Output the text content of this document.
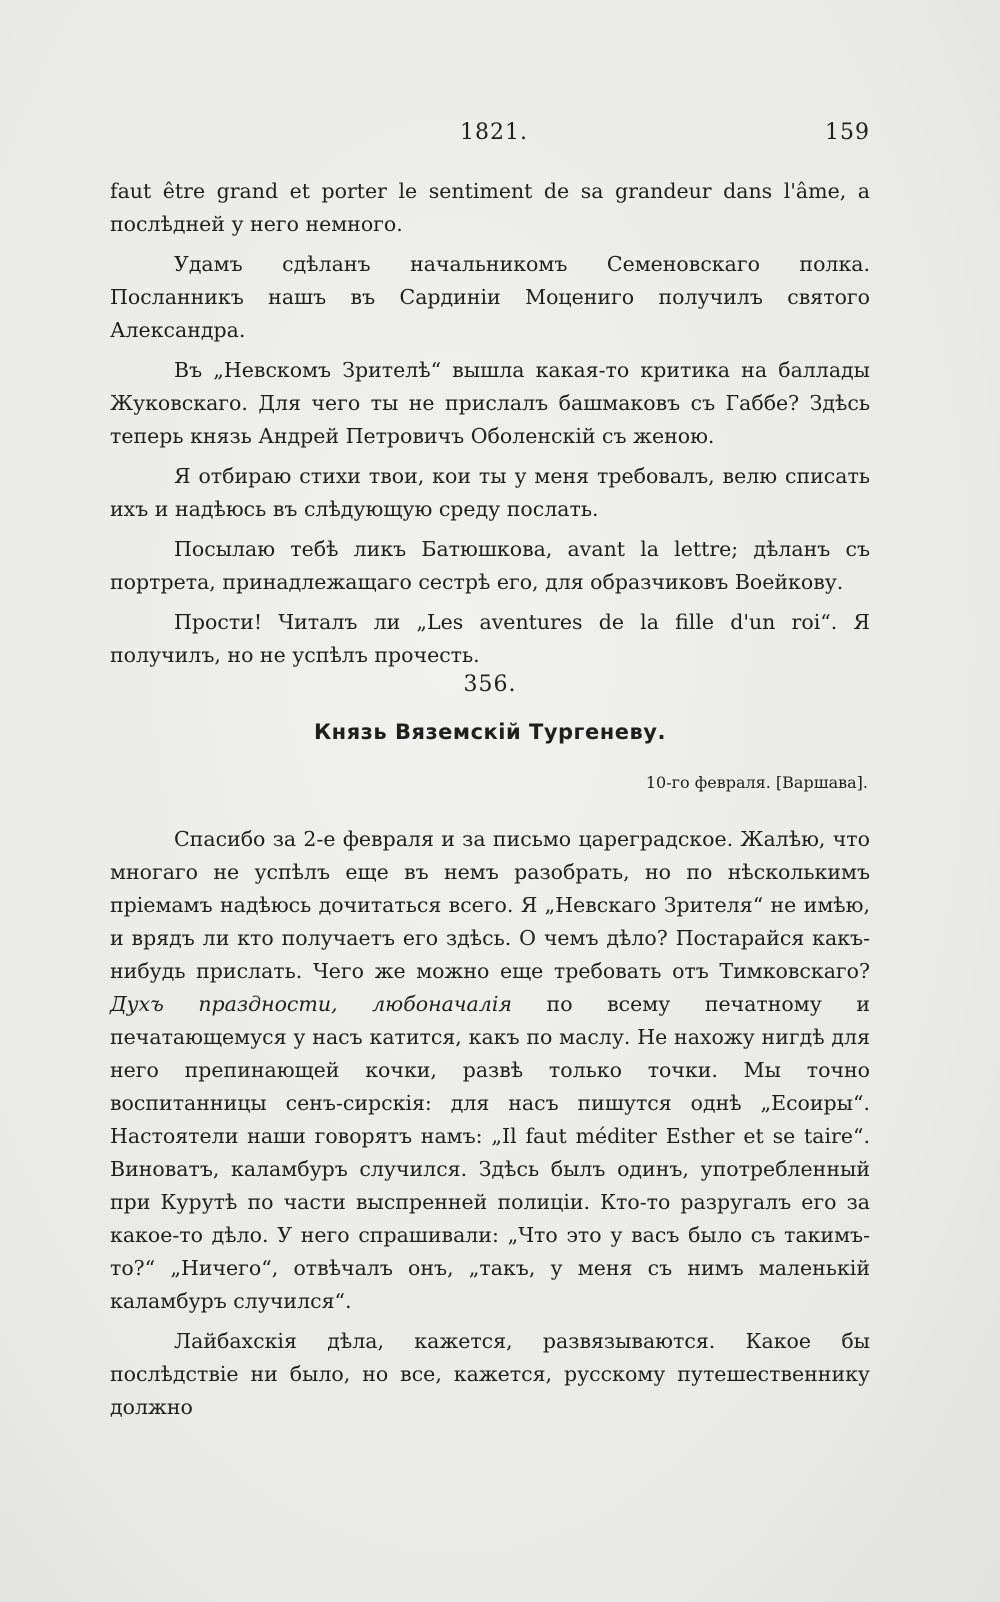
1821.	159

faut être grand et porter le sentiment de sa grandeur dans l'âme, а послѣдней у него немного.

Удамъ сдѣланъ начальникомъ Семеновскаго полка. Посланникъ нашъ въ Сардиніи Моцениго получилъ святого Александра.

Въ „Невскомъ Зрителѣ“ вышла какая-то критика на баллады Жуковскаго. Для чего ты не прислалъ башмаковъ съ Габбе? Здѣсь теперь князь Андрей Петровичъ Оболенскій съ женою.

Я отбираю стихи твои, кои ты у меня требовалъ, велю списать ихъ и надѣюсь въ слѣдующую среду послать.

Посылаю тебѣ ликъ Батюшкова, avant la lettre; дѣланъ съ портрета, принадлежащаго сестрѣ его, для образчиковъ Воейкову.

Прости! Читалъ ли „Les aventures de la fille d'un roi“. Я получилъ, но не успѣлъ прочесть.

356.
Князь Вяземскій Тургеневу.
10-го февраля. [Варшава].

Спасибо за 2-е февраля и за письмо цареградское. Жалѣю, что многаго не успѣлъ еще въ немъ разобрать, но по нѣсколькимъ пріемамъ надѣюсь дочитаться всего. Я „Невскаго Зрителя“ не имѣю, и врядъ ли кто получаетъ его здѣсь. О чемъ дѣло? Постарайся какъ-нибудь прислать. Чего же можно еще требовать отъ Тимковскаго? Духъ праздности, любоначалія по всему печатному и печатающемуся у насъ катится, какъ по маслу. Не нахожу нигдѣ для него препинающей кочки, развѣ только точки. Мы точно воспитанницы сенъ-сирскія: для насъ пишутся однѣ „Есоиры“. Настоятели наши говорятъ намъ: „Il faut méditer Esther et se taire“. Виноватъ, каламбуръ случился. Здѣсь былъ одинъ, употребленный при Курутѣ по части выспренней полиціи. Кто-то разругалъ его за какое-то дѣло. У него спрашивали: „Что это у васъ было съ такимъ-то?“ „Ничего“, отвѣчалъ онъ, „такъ, у меня съ нимъ маленькій каламбуръ случился“.

Лайбахскія дѣла, кажется, развязываются. Какое бы послѣдствіе ни было, но все, кажется, русскому путешественнику должно
